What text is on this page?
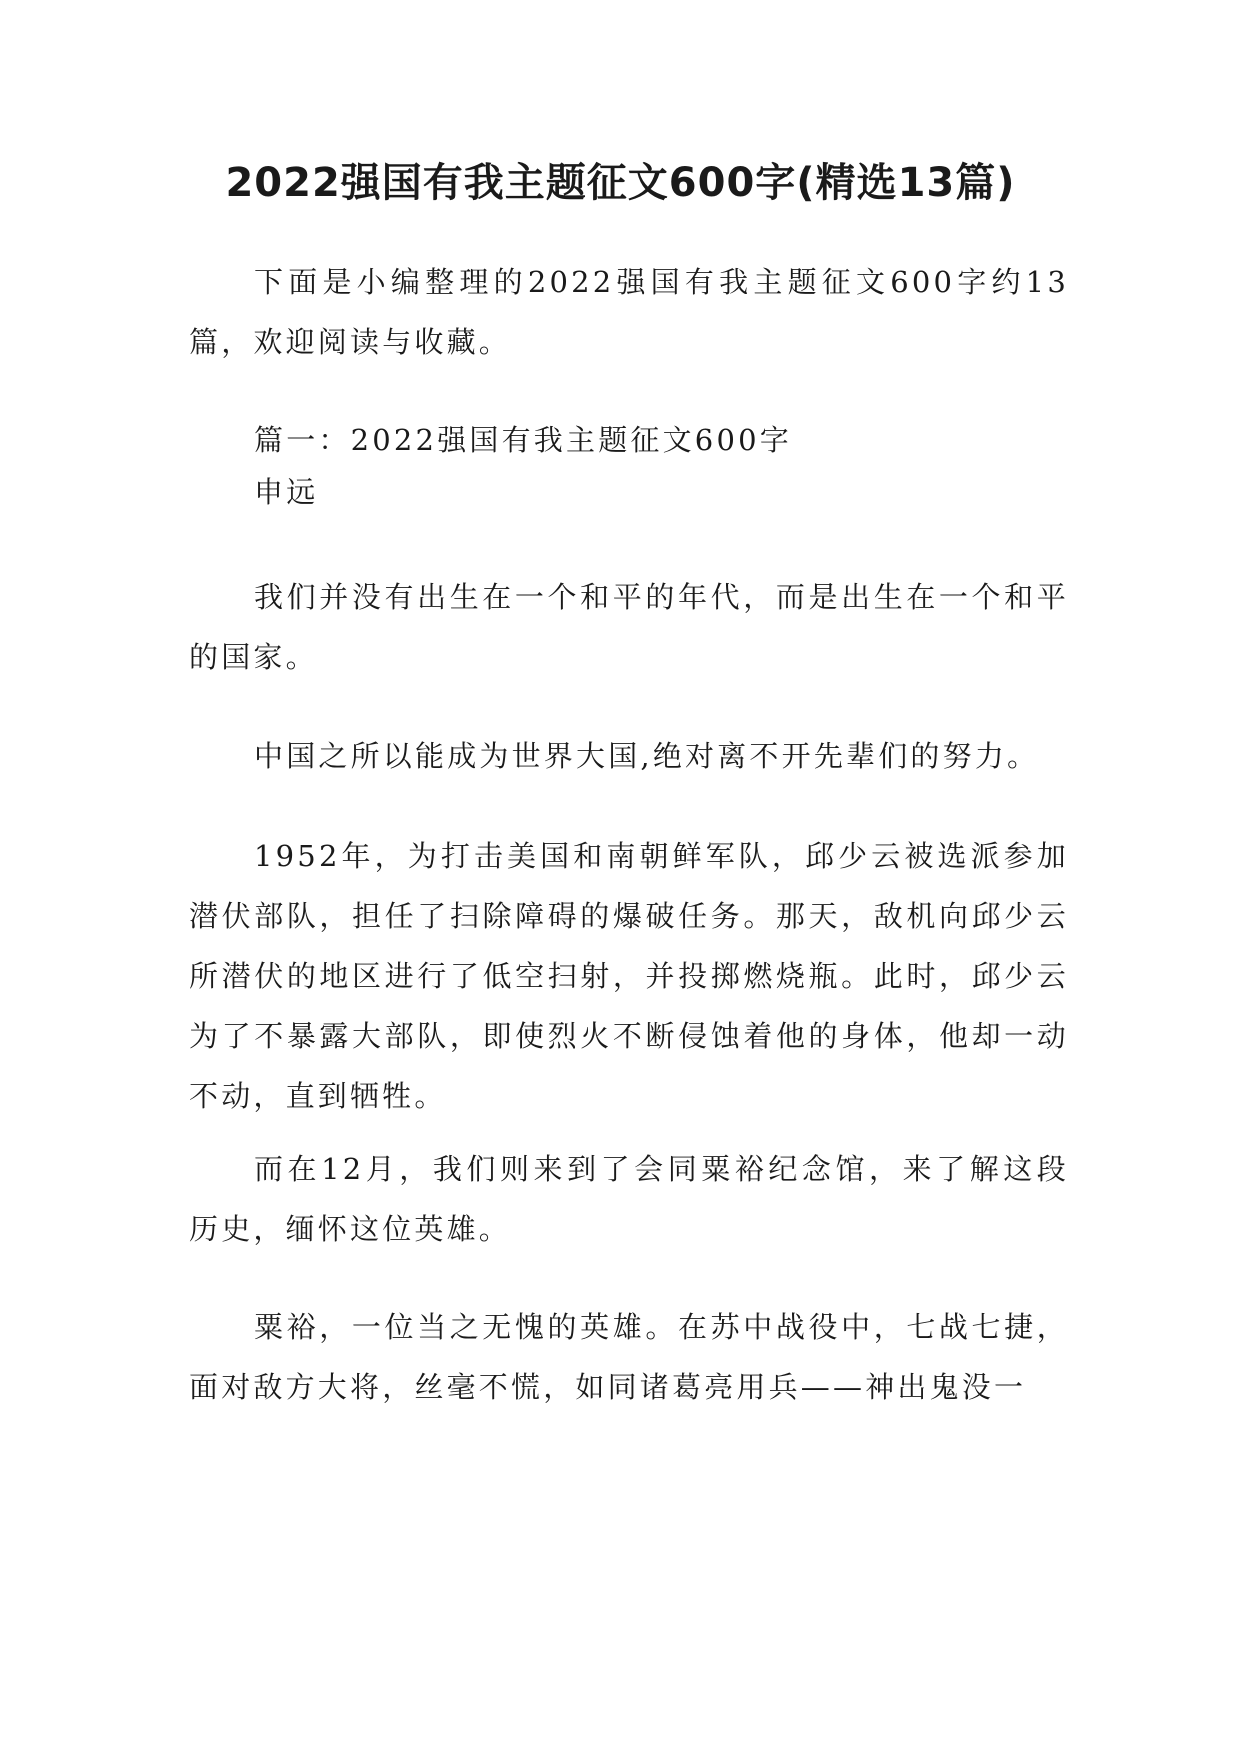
2022强国有我主题征文600字(精选13篇)

下面是小编整理的2022强国有我主题征文600字约13篇，欢迎阅读与收藏。

篇一：2022强国有我主题征文600字

申远

我们并没有出生在一个和平的年代，而是出生在一个和平的国家。

中国之所以能成为世界大国,绝对离不开先辈们的努力。

1952年，为打击美国和南朝鲜军队，邱少云被选派参加潜伏部队，担任了扫除障碍的爆破任务。那天，敌机向邱少云所潜伏的地区进行了低空扫射，并投掷燃烧瓶。此时，邱少云为了不暴露大部队，即使烈火不断侵蚀着他的身体，他却一动不动，直到牺牲。

而在12月，我们则来到了会同粟裕纪念馆，来了解这段历史，缅怀这位英雄。

粟裕，一位当之无愧的英雄。在苏中战役中，七战七捷，面对敌方大将，丝毫不慌，如同诸葛亮用兵——神出鬼没一
